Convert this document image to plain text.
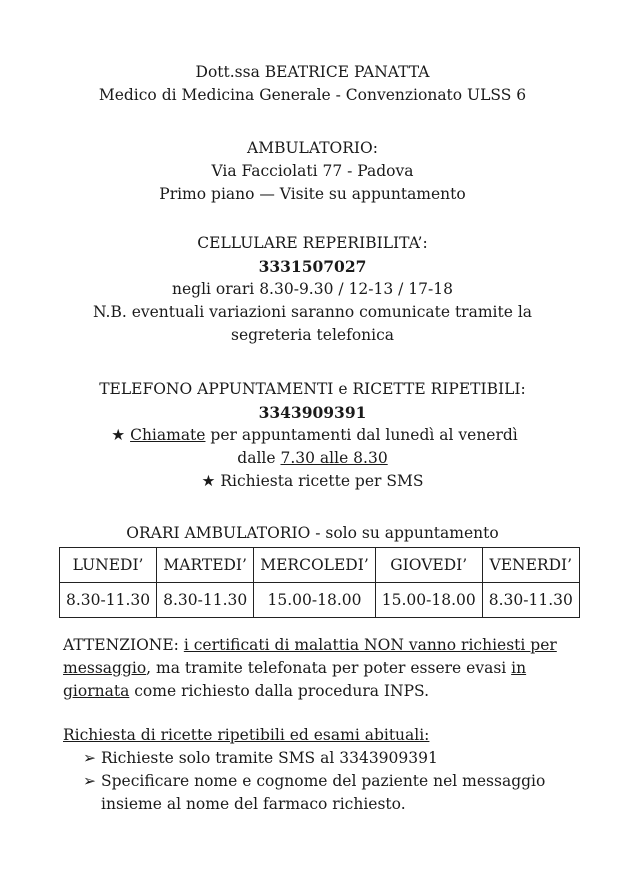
Dott.ssa BEATRICE PANATTA
Medico di Medicina Generale - Convenzionato ULSS 6
AMBULATORIO:
Via Facciolati 77 - Padova
Primo piano — Visite su appuntamento
CELLULARE REPERIBILITA’:
3331507027
negli orari 8.30-9.30 / 12-13 / 17-18
N.B. eventuali variazioni saranno comunicate tramite la
segreteria telefonica
TELEFONO APPUNTAMENTI e RICETTE RIPETIBILI:
3343909391
★ Chiamate per appuntamenti dal lunedì al venerdì
dalle 7.30 alle 8.30
★ Richiesta ricette per SMS
ORARI AMBULATORIO - solo su appuntamento
LUNEDI’	MARTEDI’	MERCOLEDI’	GIOVEDI’	VENERDI’
8.30-11.30	8.30-11.30	15.00-18.00	15.00-18.00	8.30-11.30
ATTENZIONE: i certificati di malattia NON vanno richiesti per messaggio, ma tramite telefonata per poter essere evasi in giornata come richiesto dalla procedura INPS.
Richiesta di ricette ripetibili ed esami abituali:
➢ Richieste solo tramite SMS al 3343909391
➢ Specificare nome e cognome del paziente nel messaggio insieme al nome del farmaco richiesto.
